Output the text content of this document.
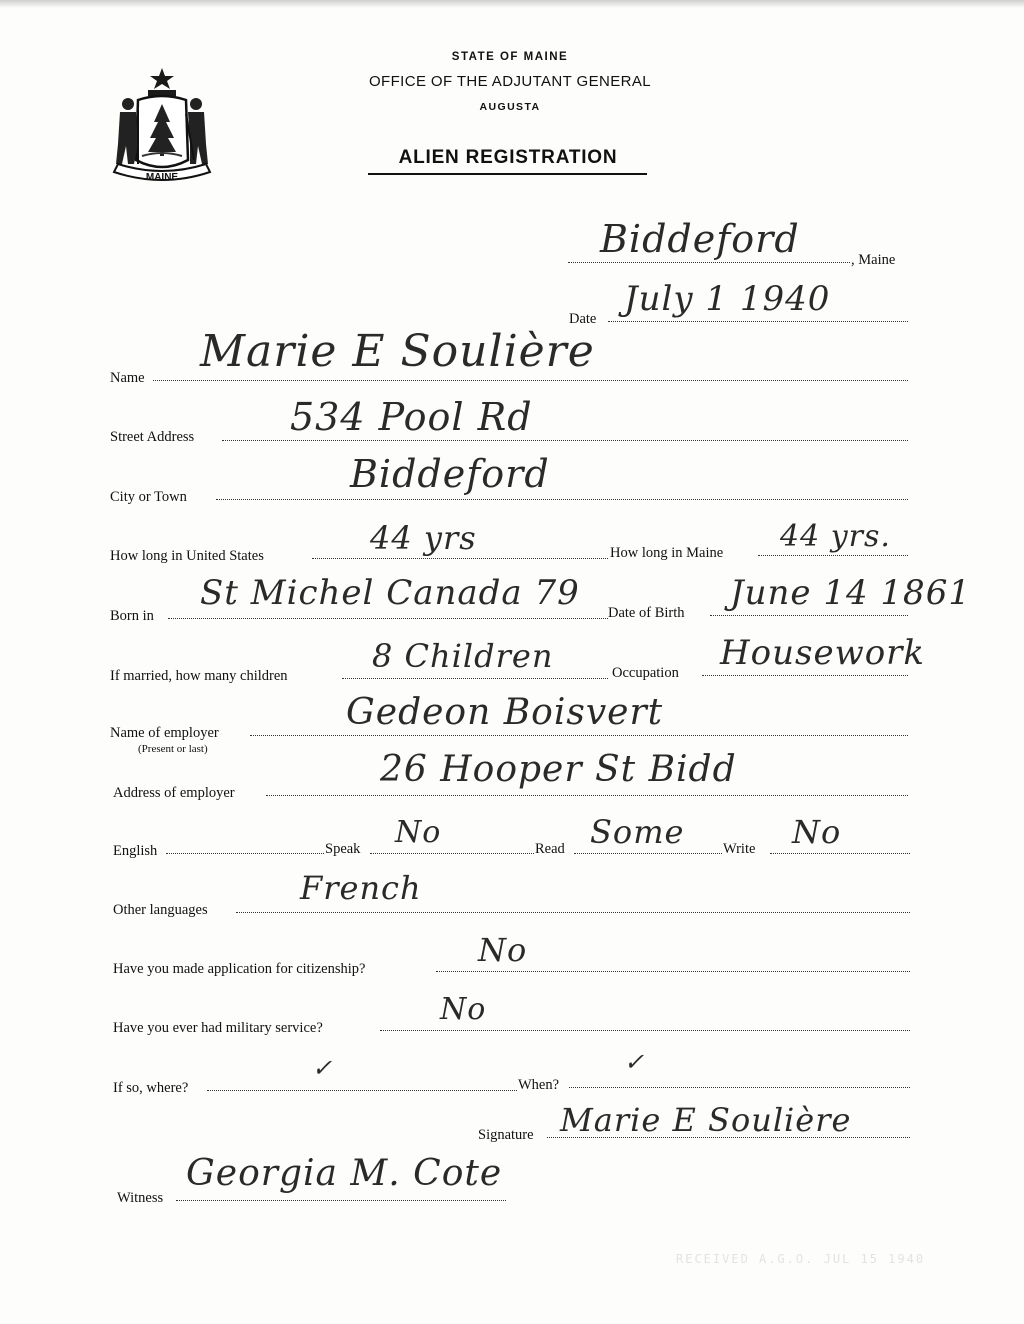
MAINE
STATE OF MAINE
OFFICE OF THE ADJUTANT GENERAL
AUGUSTA
ALIEN REGISTRATION
, Maine
Biddeford
Date July 1 1940
Name
Marie E Soulière
Street Address	534 Pool Rd
City or Town
Biddeford
How long in United States	44 yrs	How long in Maine 44 yrs.
Born in
St Michel Canada 79 Date of Birth June 14 1861
If married, how many children
8 Children	Occupation Housework
Name of employer
(Present or last)
Gedeon Boisvert
Address of employer
26 Hooper St Bidd
English	Speak No	Read Some	Write No
Other languages
French
Have you made application for citizenship?	No
Have you ever had military service?
No
If so, where?
✓
When?
✓
Signature Marie E Soulière
Witness
Georgia M. Cote
RECEIVED A.G.O. JUL 15 1940
